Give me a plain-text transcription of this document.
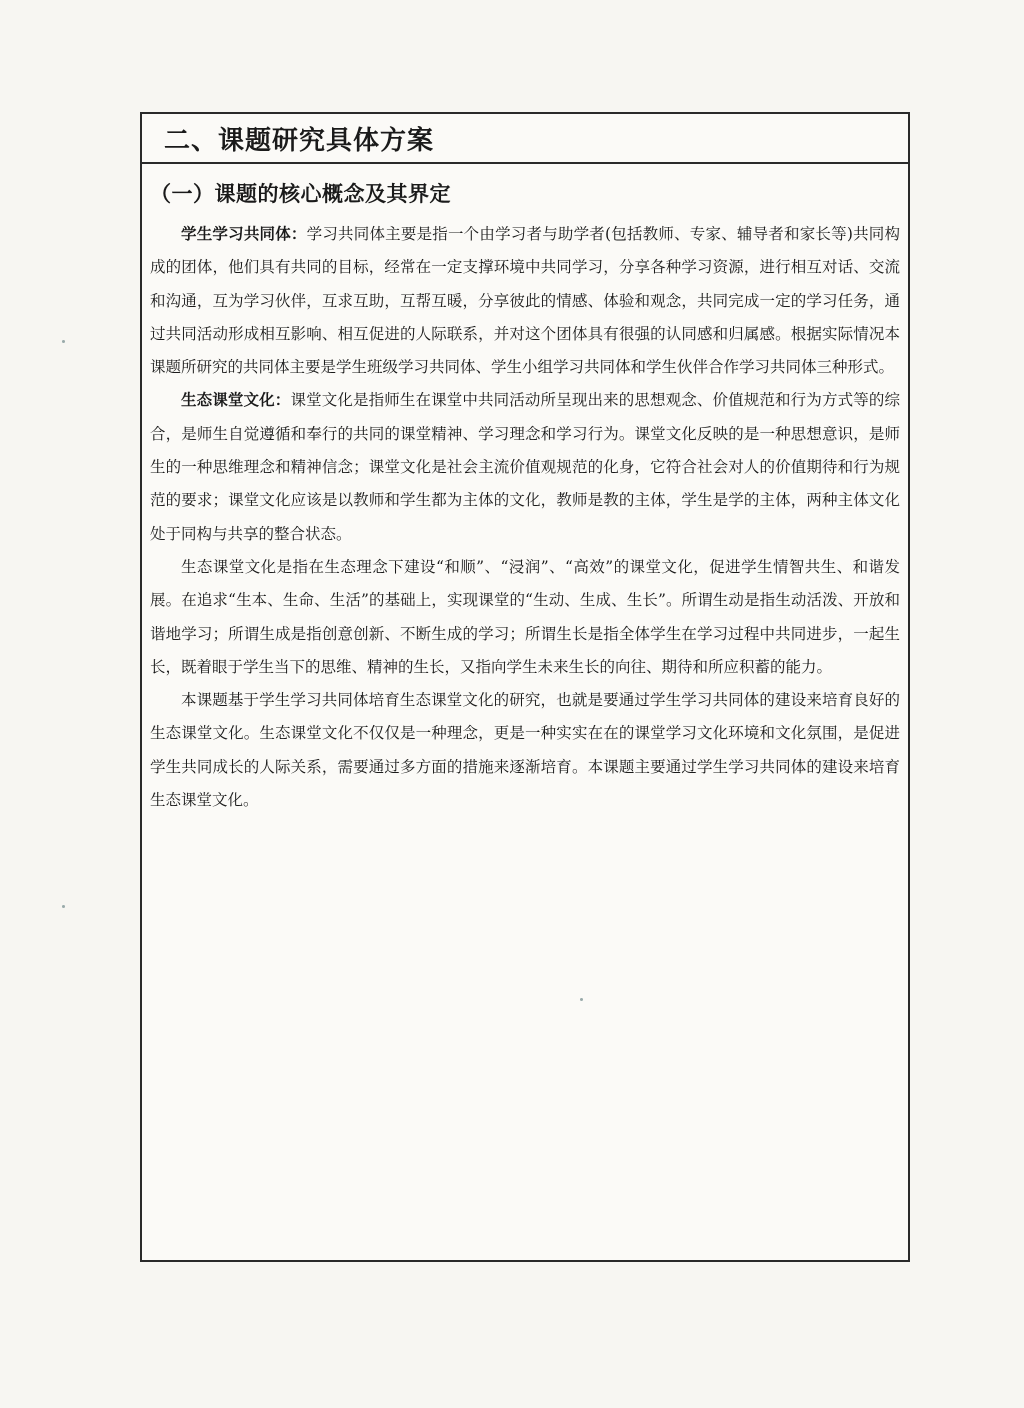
二、课题研究具体方案
（一）课题的核心概念及其界定

学生学习共同体：学习共同体主要是指一个由学习者与助学者(包括教师、专家、辅导者和家长等)共同构成的团体，他们具有共同的目标，经常在一定支撑环境中共同学习，分享各种学习资源，进行相互对话、交流和沟通，互为学习伙伴，互求互助，互帮互暖，分享彼此的情感、体验和观念，共同完成一定的学习任务，通过共同活动形成相互影响、相互促进的人际联系，并对这个团体具有很强的认同感和归属感。根据实际情况本课题所研究的共同体主要是学生班级学习共同体、学生小组学习共同体和学生伙伴合作学习共同体三种形式。

生态课堂文化：课堂文化是指师生在课堂中共同活动所呈现出来的思想观念、价值规范和行为方式等的综合，是师生自觉遵循和奉行的共同的课堂精神、学习理念和学习行为。课堂文化反映的是一种思想意识，是师生的一种思维理念和精神信念；课堂文化是社会主流价值观规范的化身，它符合社会对人的价值期待和行为规范的要求；课堂文化应该是以教师和学生都为主体的文化，教师是教的主体，学生是学的主体，两种主体文化处于同构与共享的整合状态。

生态课堂文化是指在生态理念下建设“和顺”、“浸润”、“高效”的课堂文化，促进学生情智共生、和谐发展。在追求“生本、生命、生活”的基础上，实现课堂的“生动、生成、生长”。所谓生动是指生动活泼、开放和谐地学习；所谓生成是指创意创新、不断生成的学习；所谓生长是指全体学生在学习过程中共同进步，一起生长，既着眼于学生当下的思维、精神的生长，又指向学生未来生长的向往、期待和所应积蓄的能力。

本课题基于学生学习共同体培育生态课堂文化的研究，也就是要通过学生学习共同体的建设来培育良好的生态课堂文化。生态课堂文化不仅仅是一种理念，更是一种实实在在的课堂学习文化环境和文化氛围，是促进学生共同成长的人际关系，需要通过多方面的措施来逐渐培育。本课题主要通过学生学习共同体的建设来培育生态课堂文化。
